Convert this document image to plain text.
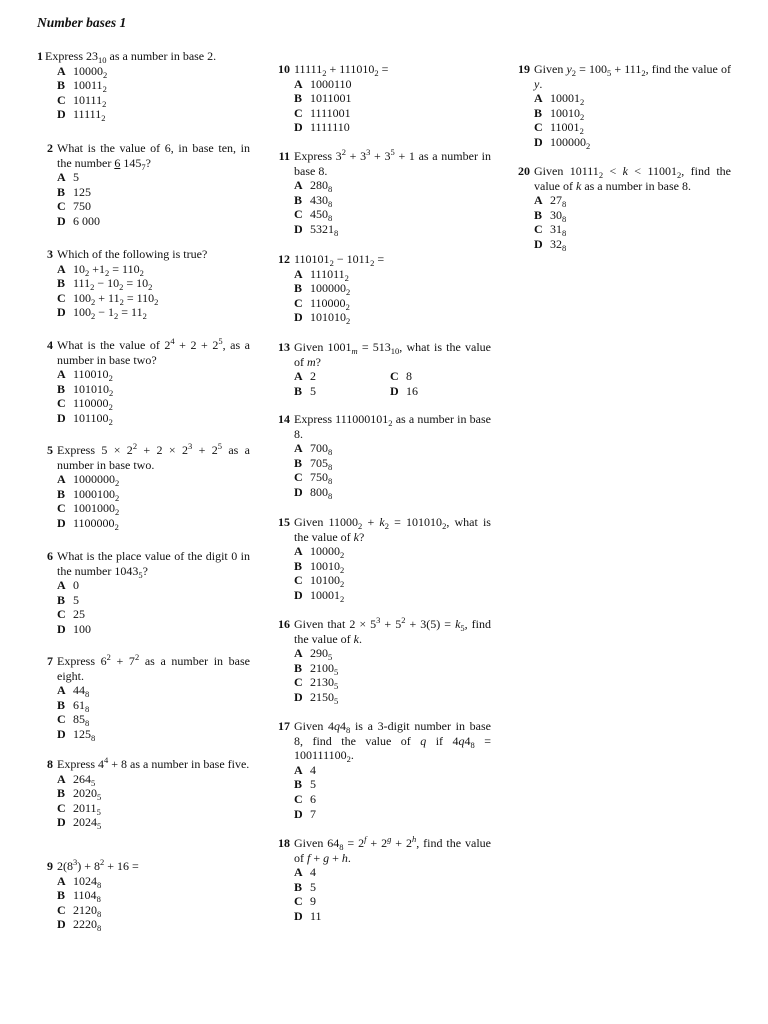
Number bases 1
1 Express $23_{10}$ as a number in base 2.
A $10000_2$
B $10011_2$
C $10111_2$
D $11111_2$
2 What is the value of 6, in base ten, in the number 6 $145_7$?
A 5
B 125
C 750
D 6 000
3 Which of the following is true?
A $10_2 +1_2 = 110_2$
B $111_2 - 10_2 = 10_2$
C $100_2 + 11_2 = 110_2$
D $100_2 - 1_2 = 11_2$
4 What is the value of $2^4 + 2 + 2^5$, as a number in base two?
A $110010_2$
B $101010_2$
C $110000_2$
D $101100_2$
5 Express $5 \times 2^2 + 2 \times 2^3 + 2^5$ as a number in base two.
A $1000000_2$
B $1000100_2$
C $1001000_2$
D $1100000_2$
6 What is the place value of the digit 0 in the number $1043_5$?
A 0
B 5
C 25
D 100
7 Express $6^2 + 7^2$ as a number in base eight.
A $44_8$
B $61_8$
C $85_8$
D $125_8$
8 Express $4^4 + 8$ as a number in base five.
A $264_5$
B $2020_5$
C $2011_5$
D $2024_5$
9 $2(8^3) + 8^2 + 16$ =
A $1024_8$
B $1104_8$
C $2120_8$
D $2220_8$
10 $11111_2 + 111010_2$ =
A 1000110
B 1011001
C 1111001
D 1111110
11 Express $3^2 + 3^3 + 3^5 + 1$ as a number in base 8.
A $280_8$
B $430_8$
C $450_8$
D $5321_8$
12 $110101_2 - 1011_2$ =
A $111011_2$
B $100000_2$
C $110000_2$
D $101010_2$
13 Given $1001_m = 513_{10}$, what is the value of m?
A 2	C 8
B 5	D 16
14 Express $111000101_2$ as a number in base 8.
A $700_8$
B $705_8$
C $750_8$
D $800_8$
15 Given $11000_2 + k_2 = 101010_2$, what is the value of k?
A $10000_2$
B $10010_2$
C $10100_2$
D $10001_2$
16 Given that $2 \times 5^3 + 5^2 + 3(5) = k_5$, find the value of k.
A $290_5$
B $2100_5$
C $2130_5$
D $2150_5$
17 Given $4q4_8$ is a 3-digit number in base 8, find the value of q if $4q4_8 = 100111100_2$.
A 4
B 5
C 6
D 7
18 Given $64_8 = 2^f + 2^g + 2^h$, find the value of f + g + h.
A 4
B 5
C 9
D 11
19 Given $y_2 = 100_5 + 111_2$, find the value of y.
A $10001_2$
B $10010_2$
C $11001_2$
D $100000_2$
20 Given $10111_2 < k < 11001_2$, find the value of k as a number in base 8.
A $27_8$
B $30_8$
C $31_8$
D $32_8$
